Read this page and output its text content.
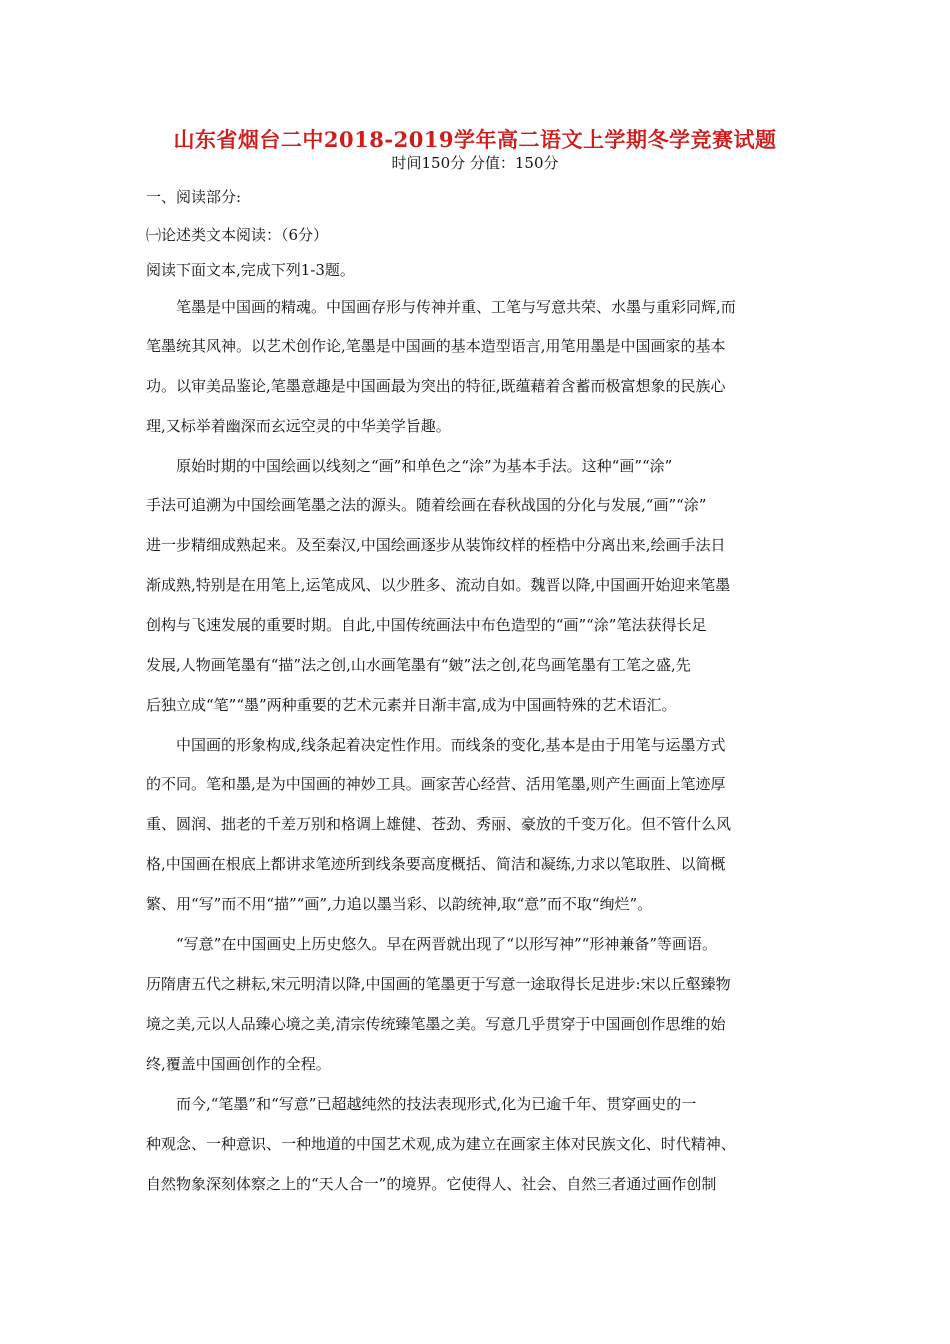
山东省烟台二中2018-2019学年高二语文上学期冬学竞赛试题
时间150分 分值：150分
一、阅读部分:
㈠论述类文本阅读：（6分）
阅读下面文本,完成下列1-3题。
笔墨是中国画的精魂。中国画存形与传神并重、工笔与写意共荣、水墨与重彩同辉,而
笔墨统其风神。以艺术创作论,笔墨是中国画的基本造型语言,用笔用墨是中国画家的基本
功。以审美品鉴论,笔墨意趣是中国画最为突出的特征,既蕴藉着含蓄而极富想象的民族心
理,又标举着幽深而玄远空灵的中华美学旨趣。
原始时期的中国绘画以线刻之“画”和单色之“涂”为基本手法。这种“画”“涂”
手法可追溯为中国绘画笔墨之法的源头。随着绘画在春秋战国的分化与发展,“画”“涂”
进一步精细成熟起来。及至秦汉,中国绘画逐步从装饰纹样的桎梏中分离出来,绘画手法日
渐成熟,特别是在用笔上,运笔成风、以少胜多、流动自如。魏晋以降,中国画开始迎来笔墨
创构与飞速发展的重要时期。自此,中国传统画法中布色造型的“画”“涂”笔法获得长足
发展,人物画笔墨有“描”法之创,山水画笔墨有“皴”法之创,花鸟画笔墨有工笔之盛,先
后独立成“笔”“墨”两种重要的艺术元素并日渐丰富,成为中国画特殊的艺术语汇。
中国画的形象构成,线条起着决定性作用。而线条的变化,基本是由于用笔与运墨方式
的不同。笔和墨,是为中国画的神妙工具。画家苦心经营、活用笔墨,则产生画面上笔迹厚
重、圆润、拙老的千差万别和格调上雄健、苍劲、秀丽、豪放的千变万化。但不管什么风
格,中国画在根底上都讲求笔迹所到线条要高度概括、简洁和凝练,力求以笔取胜、以简概
繁、用“写”而不用“描”“画”,力追以墨当彩、以韵统神,取“意”而不取“绚烂”。
“写意”在中国画史上历史悠久。早在两晋就出现了“以形写神”“形神兼备”等画语。
历隋唐五代之耕耘,宋元明清以降,中国画的笔墨更于写意一途取得长足进步:宋以丘壑臻物
境之美,元以人品臻心境之美,清宗传统臻笔墨之美。写意几乎贯穿于中国画创作思维的始
终,覆盖中国画创作的全程。
而今,“笔墨”和“写意”已超越纯然的技法表现形式,化为已逾千年、贯穿画史的一
种观念、一种意识、一种地道的中国艺术观,成为建立在画家主体对民族文化、时代精神、
自然物象深刻体察之上的“天人合一”的境界。它使得人、社会、自然三者通过画作创制
